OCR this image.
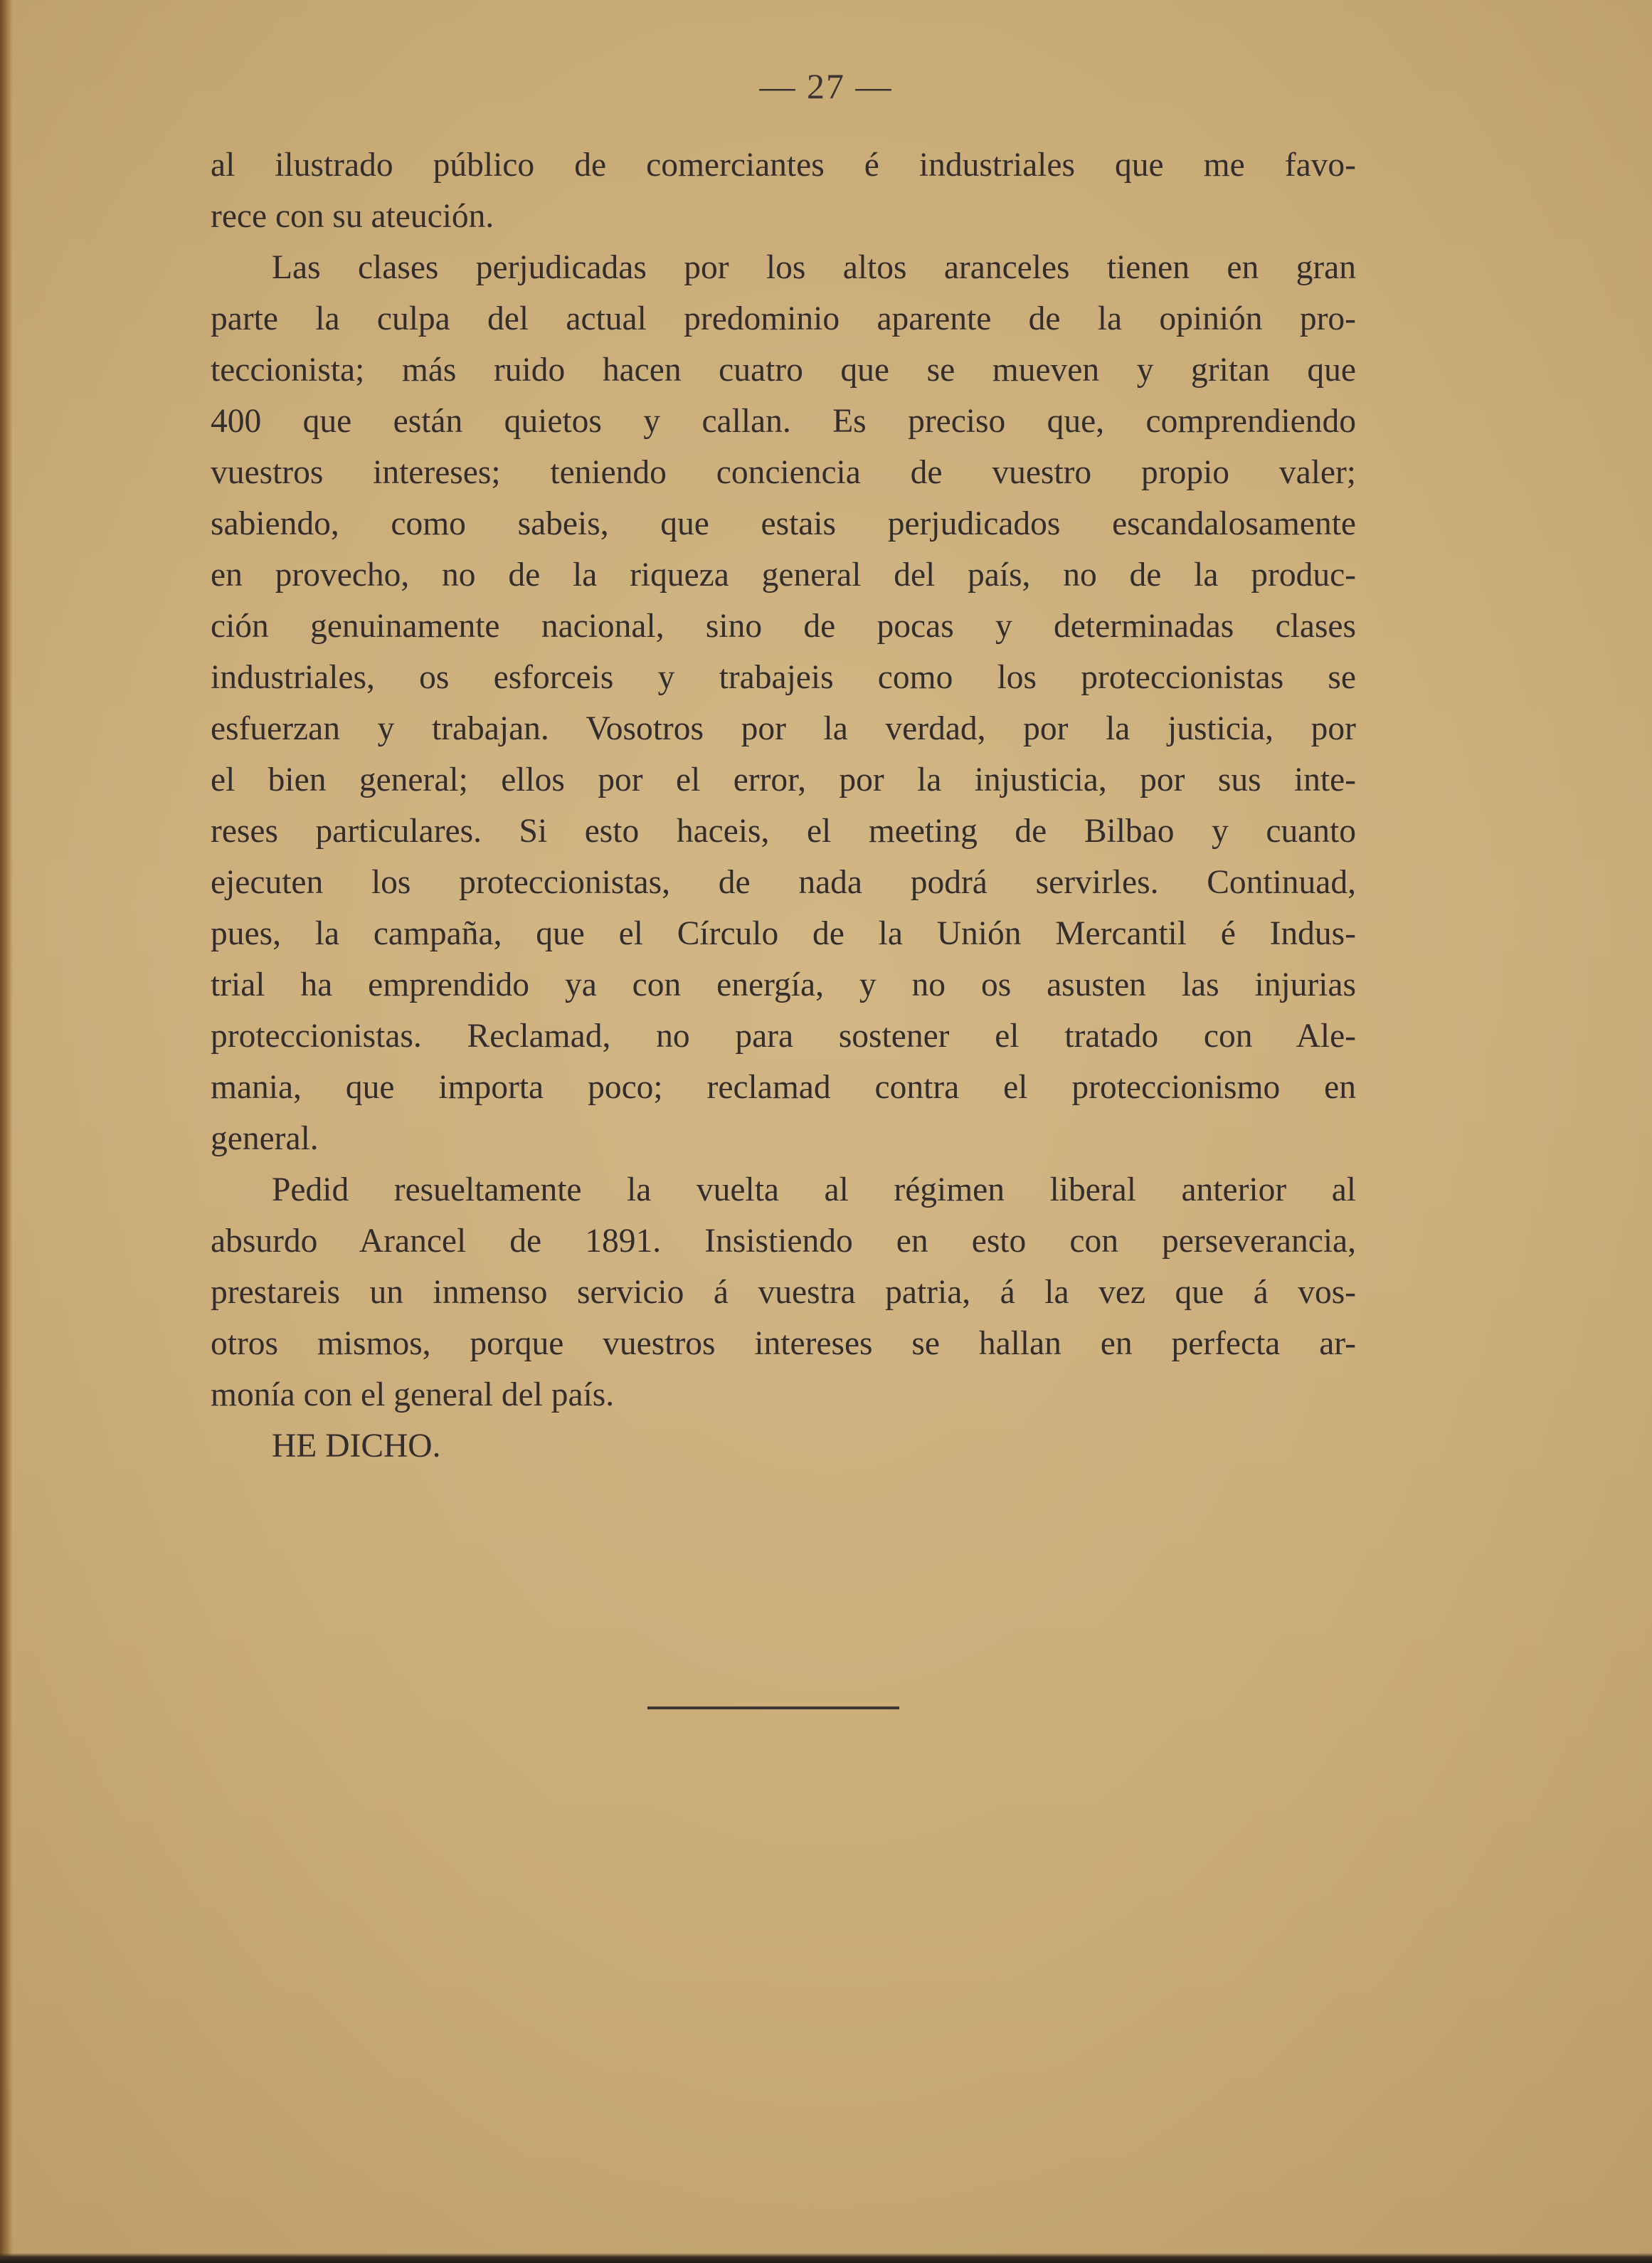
— 27 —
al ilustrado público de comerciantes é industriales que me favo-
rece con su ateución.
Las clases perjudicadas por los altos aranceles tienen en gran
parte la culpa del actual predominio aparente de la opinión pro-
teccionista; más ruido hacen cuatro que se mueven y gritan que
400 que están quietos y callan. Es preciso que, comprendiendo
vuestros intereses; teniendo conciencia de vuestro propio valer;
sabiendo, como sabeis, que estais perjudicados escandalosamente
en provecho, no de la riqueza general del país, no de la produc-
ción genuinamente nacional, sino de pocas y determinadas clases
industriales, os esforceis y trabajeis como los proteccionistas se
esfuerzan y trabajan. Vosotros por la verdad, por la justicia, por
el bien general; ellos por el error, por la injusticia, por sus inte-
reses particulares. Si esto haceis, el meeting de Bilbao y cuanto
ejecuten los proteccionistas, de nada podrá servirles. Continuad,
pues, la campaña, que el Círculo de la Unión Mercantil é Indus-
trial ha emprendido ya con energía, y no os asusten las injurias
proteccionistas. Reclamad, no para sostener el tratado con Ale-
mania, que importa poco; reclamad contra el proteccionismo en
general.
Pedid resueltamente la vuelta al régimen liberal anterior al
absurdo Arancel de 1891. Insistiendo en esto con perseverancia,
prestareis un inmenso servicio á vuestra patria, á la vez que á vos-
otros mismos, porque vuestros intereses se hallan en perfecta ar-
monía con el general del país.
HE DICHO.
